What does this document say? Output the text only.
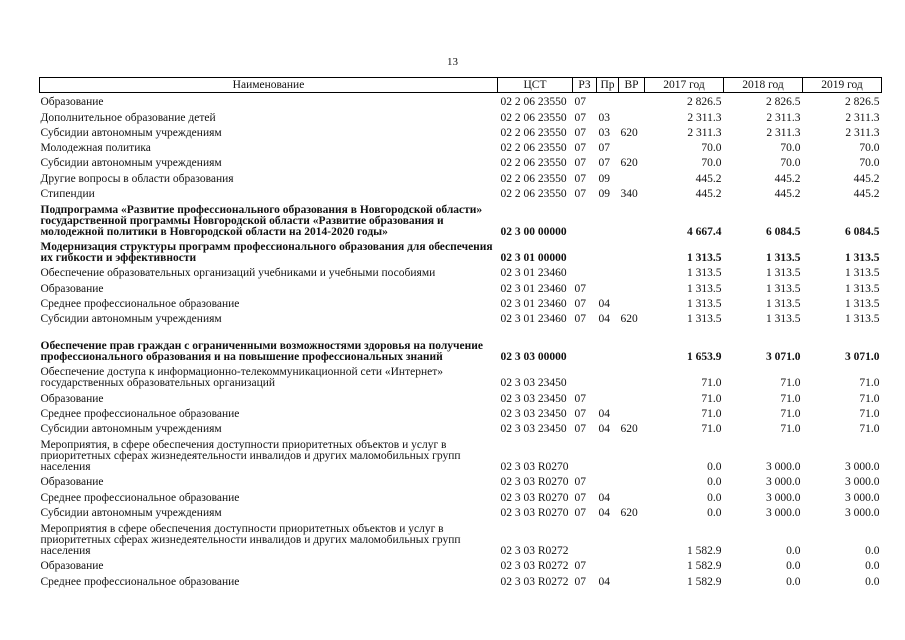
13
Наименование	ЦСТ	РЗ	Пр	ВР	2017 год	2018 год	2019 год
Образование	02 2 06 23550	07			2 826.5	2 826.5	2 826.5
Дополнительное образование детей	02 2 06 23550	07	03		2 311.3	2 311.3	2 311.3
Субсидии автономным учреждениям	02 2 06 23550	07	03	620	2 311.3	2 311.3	2 311.3
Молодежная политика	02 2 06 23550	07	07		70.0	70.0	70.0
Субсидии автономным учреждениям	02 2 06 23550	07	07	620	70.0	70.0	70.0
Другие вопросы в области образования	02 2 06 23550	07	09		445.2	445.2	445.2
Стипендии	02 2 06 23550	07	09	340	445.2	445.2	445.2
Подпрограмма «Развитие профессионального образования в Новгородской области» государственной программы Новгородской области «Развитие образования и молодежной политики в Новгородской области на 2014-2020 годы»	02 3 00 00000				4 667.4	6 084.5	6 084.5
Модернизация структуры программ профессионального образования для обеспечения их гибкости и эффективности	02 3 01 00000				1 313.5	1 313.5	1 313.5
Обеспечение образовательных организаций учебниками и учебными пособиями	02 3 01 23460				1 313.5	1 313.5	1 313.5
Образование	02 3 01 23460	07			1 313.5	1 313.5	1 313.5
Среднее профессиональное образование	02 3 01 23460	07	04		1 313.5	1 313.5	1 313.5
Субсидии автономным учреждениям	02 3 01 23460	07	04	620	1 313.5	1 313.5	1 313.5
Обеспечение прав граждан с ограниченными возможностями здоровья на получение профессионального образования и на повышение профессиональных знаний	02 3 03 00000				1 653.9	3 071.0	3 071.0
Обеспечение доступа к информационно-телекоммуникационной сети «Интернет» государственных образовательных организаций	02 3 03 23450				71.0	71.0	71.0
Образование	02 3 03 23450	07			71.0	71.0	71.0
Среднее профессиональное образование	02 3 03 23450	07	04		71.0	71.0	71.0
Субсидии автономным учреждениям	02 3 03 23450	07	04	620	71.0	71.0	71.0
Мероприятия, в сфере обеспечения доступности приоритетных объектов и услуг в приоритетных сферах жизнедеятельности инвалидов и других маломобильных групп населения	02 3 03 R0270				0.0	3 000.0	3 000.0
Образование	02 3 03 R0270	07			0.0	3 000.0	3 000.0
Среднее профессиональное образование	02 3 03 R0270	07	04		0.0	3 000.0	3 000.0
Субсидии автономным учреждениям	02 3 03 R0270	07	04	620	0.0	3 000.0	3 000.0
Мероприятия в сфере обеспечения доступности приоритетных объектов и услуг в приоритетных сферах жизнедеятельности инвалидов и других маломобильных групп населения	02 3 03 R0272				1 582.9	0.0	0.0
Образование	02 3 03 R0272	07			1 582.9	0.0	0.0
Среднее профессиональное образование	02 3 03 R0272	07	04		1 582.9	0.0	0.0
